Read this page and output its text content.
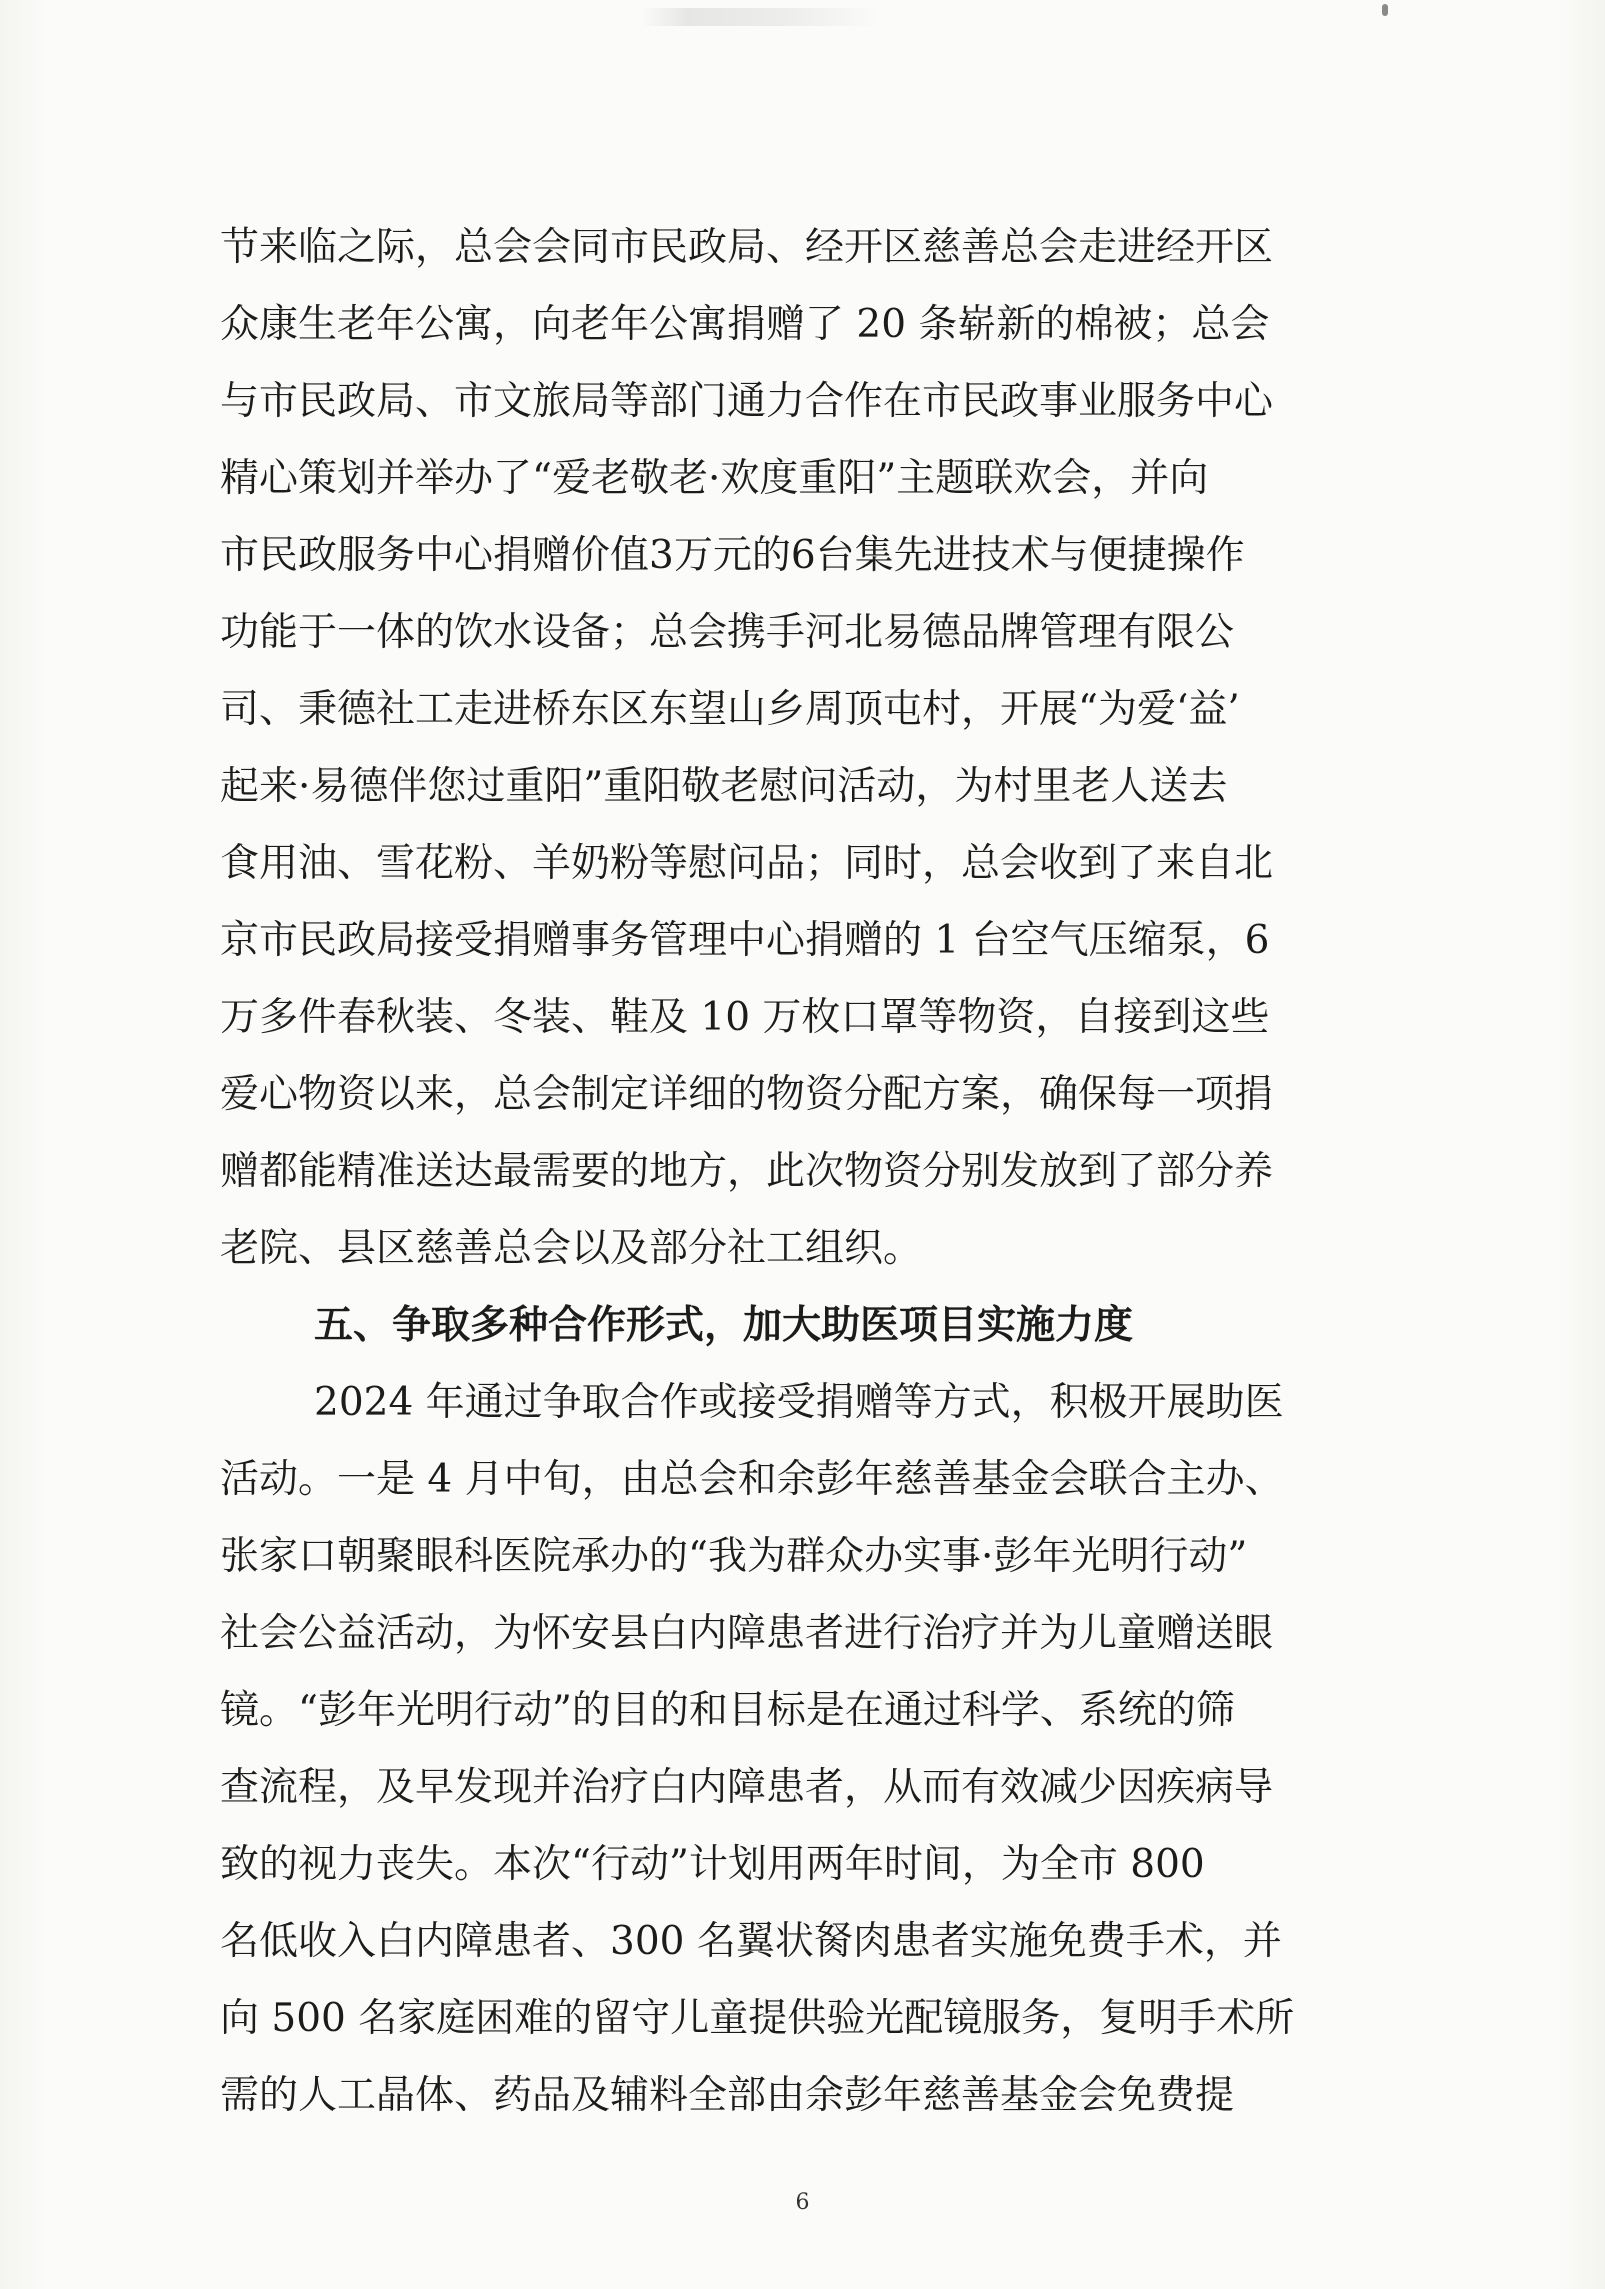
节来临之际，总会会同市民政局、经开区慈善总会走进经开区
众康生老年公寓，向老年公寓捐赠了 20 条崭新的棉被；总会
与市民政局、市文旅局等部门通力合作在市民政事业服务中心
精心策划并举办了“爱老敬老·欢度重阳”主题联欢会，并向
市民政服务中心捐赠价值3万元的6台集先进技术与便捷操作
功能于一体的饮水设备；总会携手河北易德品牌管理有限公
司、秉德社工走进桥东区东望山乡周顶屯村，开展“为爱‘益’
起来·易德伴您过重阳”重阳敬老慰问活动，为村里老人送去
食用油、雪花粉、羊奶粉等慰问品；同时，总会收到了来自北
京市民政局接受捐赠事务管理中心捐赠的 1 台空气压缩泵，6
万多件春秋装、冬装、鞋及 10 万枚口罩等物资，自接到这些
爱心物资以来，总会制定详细的物资分配方案，确保每一项捐
赠都能精准送达最需要的地方，此次物资分别发放到了部分养
老院、县区慈善总会以及部分社工组织。
五、争取多种合作形式，加大助医项目实施力度
2024 年通过争取合作或接受捐赠等方式，积极开展助医
活动。一是 4 月中旬，由总会和余彭年慈善基金会联合主办、
张家口朝聚眼科医院承办的“我为群众办实事·彭年光明行动”
社会公益活动，为怀安县白内障患者进行治疗并为儿童赠送眼
镜。“彭年光明行动”的目的和目标是在通过科学、系统的筛
查流程，及早发现并治疗白内障患者，从而有效减少因疾病导
致的视力丧失。本次“行动”计划用两年时间，为全市 800
名低收入白内障患者、300 名翼状胬肉患者实施免费手术，并
向 500 名家庭困难的留守儿童提供验光配镜服务，复明手术所
需的人工晶体、药品及辅料全部由余彭年慈善基金会免费提
6
